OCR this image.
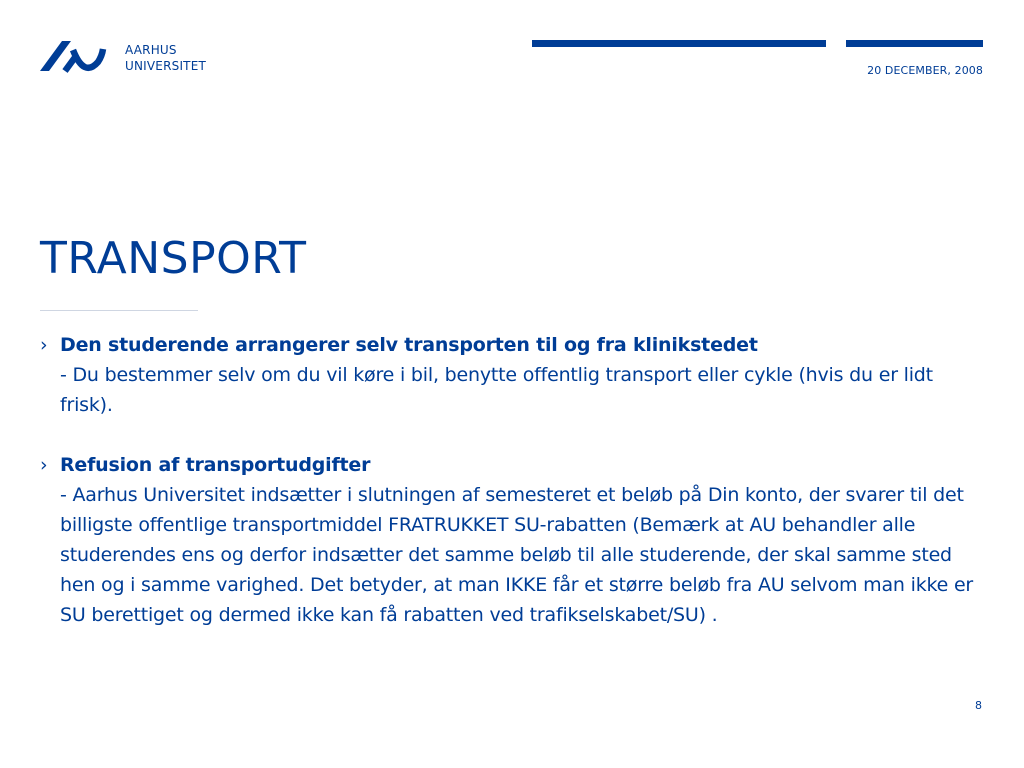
AARHUS
UNIVERSITET	20 DECEMBER, 2008
TRANSPORT
› Den studerende arrangerer selv transporten til og fra klinikstedet
- Du bestemmer selv om du vil køre i bil, benytte offentlig transport eller cykle (hvis du er lidt frisk).
› Refusion af transportudgifter
- Aarhus Universitet indsætter i slutningen af semesteret et beløb på Din konto, der svarer til det billigste offentlige transportmiddel FRATRUKKET SU-rabatten (Bemærk at AU behandler alle studerendes ens og derfor indsætter det samme beløb til alle studerende, der skal samme sted hen og i samme varighed. Det betyder, at man IKKE får et større beløb fra AU selvom man ikke er SU berettiget og dermed ikke kan få rabatten ved trafikselskabet/SU) .
8
